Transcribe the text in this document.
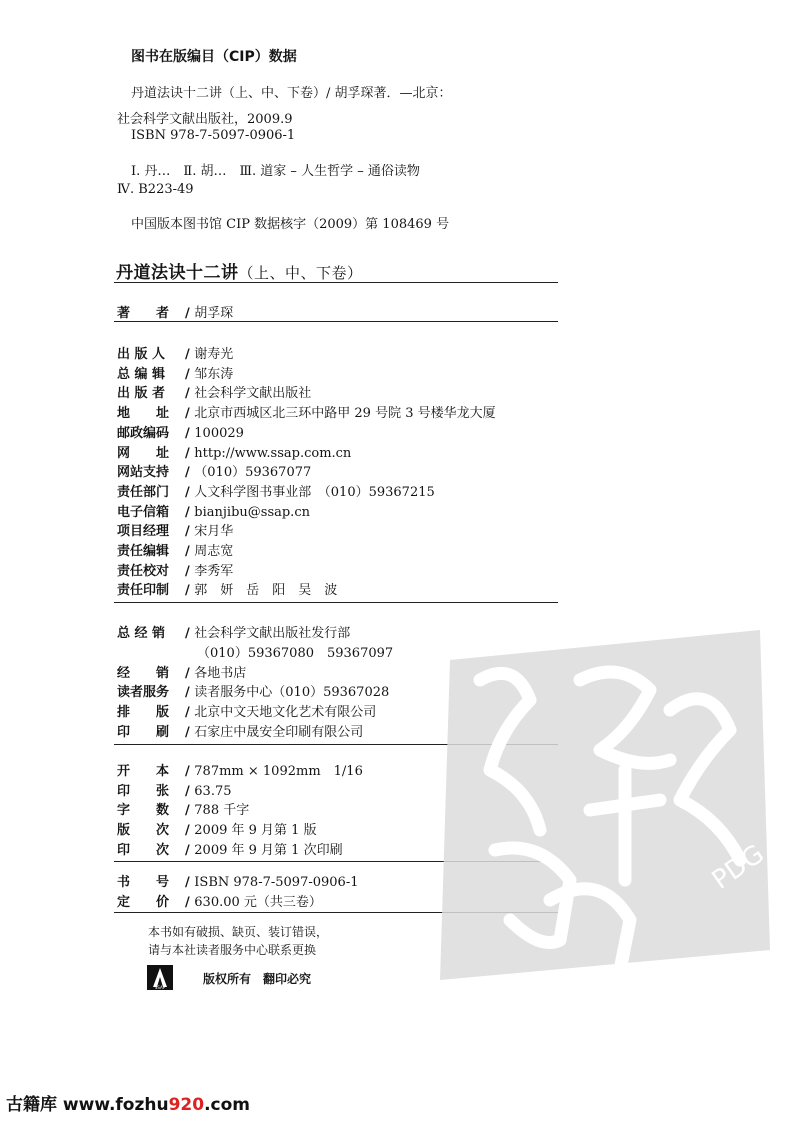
图书在版编目（CIP）数据
丹道法诀十二讲（上、中、下卷）/ 胡孚琛著．—北京：
社会科学文献出版社，2009.9
ISBN 978-7-5097-0906-1
Ⅰ. 丹…　Ⅱ. 胡…　Ⅲ. 道家 – 人生哲学 – 通俗读物
Ⅳ. B223-49
中国版本图书馆 CIP 数据核字（2009）第 108469 号
丹道法诀十二讲（上、中、下卷）
著　　者 / 胡孚琛
出 版 人 / 谢寿光
总 编 辑 / 邹东涛
出 版 者 / 社会科学文献出版社
地　　址 / 北京市西城区北三环中路甲 29 号院 3 号楼华龙大厦
邮政编码 / 100029
网　　址 / http://www.ssap.com.cn
网站支持 / （010）59367077
责任部门 / 人文科学图书事业部　（010）59367215
电子信箱 / bianjibu@ssap.cn
项目经理 / 宋月华
责任编辑 / 周志宽
责任校对 / 李秀军
责任印制 / 郭　妍　岳　阳　吴　波
总 经 销 / 社会科学文献出版社发行部
（010）59367080　59367097
经　　销 / 各地书店
读者服务 / 读者服务中心（010）59367028
排　　版 / 北京中文天地文化艺术有限公司
印　　刷 / 石家庄中晟安全印刷有限公司
开　　本 / 787mm × 1092mm　1/16
印　　张 / 63.75
字　　数 / 788 千字
版　　次 / 2009 年 9 月第 1 版
印　　次 / 2009 年 9 月第 1 次印刷
书　　号 / ISBN 978-7-5097-0906-1
定　　价 / 630.00 元（共三卷）
本书如有破损、缺页、装订错误，
请与本社读者服务中心联系更换
SSAP
版权所有　翻印必究
PDG
古籍库 www.fozhu920.com
